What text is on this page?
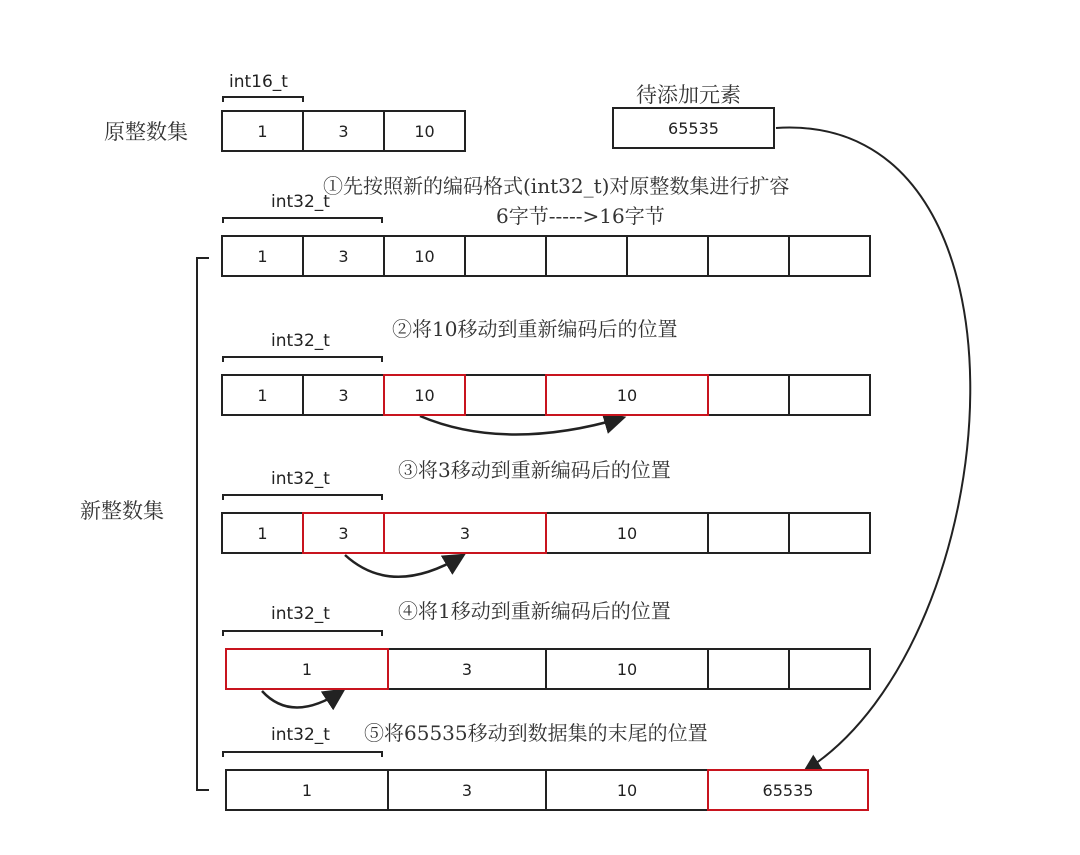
原整数集
待添加元素
新整数集
int16_t
1	3	10	65535
①先按照新的编码格式(int32_t)对原整数集进行扩容
6字节----->16字节
int32_t
1	3	10
②将10移动到重新编码后的位置
int32_t
1	3	10	10
③将3移动到重新编码后的位置
int32_t
1	3	3	10
④将1移动到重新编码后的位置
int32_t
1	3	10
⑤将65535移动到数据集的末尾的位置
int32_t
1	3	10	65535
